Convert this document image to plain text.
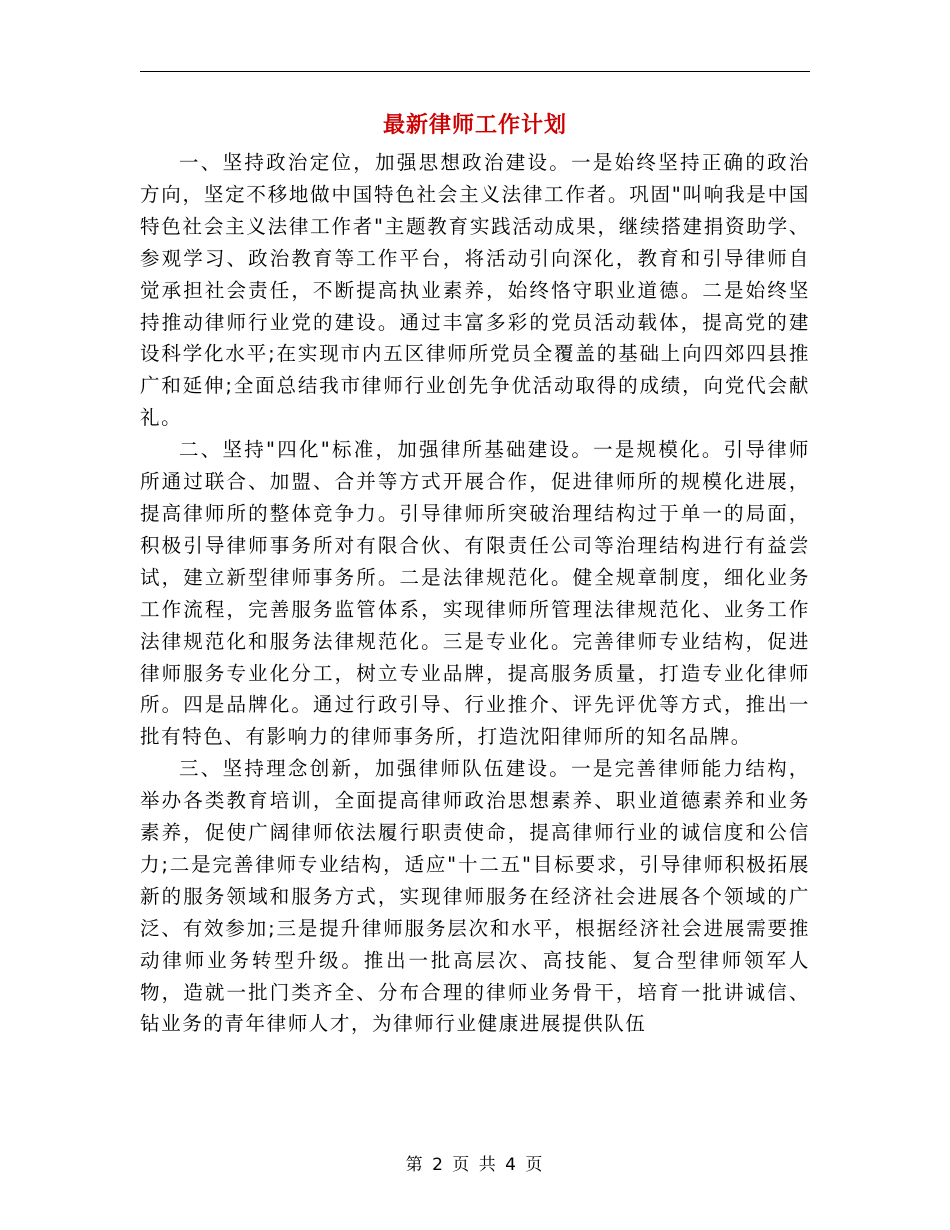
最新律师工作计划

一、坚持政治定位，加强思想政治建设。一是始终坚持正确的政治方向，坚定不移地做中国特色社会主义法律工作者。巩固"叫响我是中国特色社会主义法律工作者"主题教育实践活动成果，继续搭建捐资助学、参观学习、政治教育等工作平台，将活动引向深化，教育和引导律师自觉承担社会责任，不断提高执业素养，始终恪守职业道德。二是始终坚持推动律师行业党的建设。通过丰富多彩的党员活动载体，提高党的建设科学化水平;在实现市内五区律师所党员全覆盖的基础上向四郊四县推广和延伸;全面总结我市律师行业创先争优活动取得的成绩，向党代会献礼。

二、坚持"四化"标准，加强律所基础建设。一是规模化。引导律师所通过联合、加盟、合并等方式开展合作，促进律师所的规模化进展，提高律师所的整体竞争力。引导律师所突破治理结构过于单一的局面，积极引导律师事务所对有限合伙、有限责任公司等治理结构进行有益尝试，建立新型律师事务所。二是法律规范化。健全规章制度，细化业务工作流程，完善服务监管体系，实现律师所管理法律规范化、业务工作法律规范化和服务法律规范化。三是专业化。完善律师专业结构，促进律师服务专业化分工，树立专业品牌，提高服务质量，打造专业化律师所。四是品牌化。通过行政引导、行业推介、评先评优等方式，推出一批有特色、有影响力的律师事务所，打造沈阳律师所的知名品牌。

三、坚持理念创新，加强律师队伍建设。一是完善律师能力结构，举办各类教育培训，全面提高律师政治思想素养、职业道德素养和业务素养，促使广阔律师依法履行职责使命，提高律师行业的诚信度和公信力;二是完善律师专业结构，适应"十二五"目标要求，引导律师积极拓展新的服务领域和服务方式，实现律师服务在经济社会进展各个领域的广泛、有效参加;三是提升律师服务层次和水平，根据经济社会进展需要推动律师业务转型升级。推出一批高层次、高技能、复合型律师领军人物，造就一批门类齐全、分布合理的律师业务骨干，培育一批讲诚信、钻业务的青年律师人才，为律师行业健康进展提供队伍

第 2 页 共 4 页
